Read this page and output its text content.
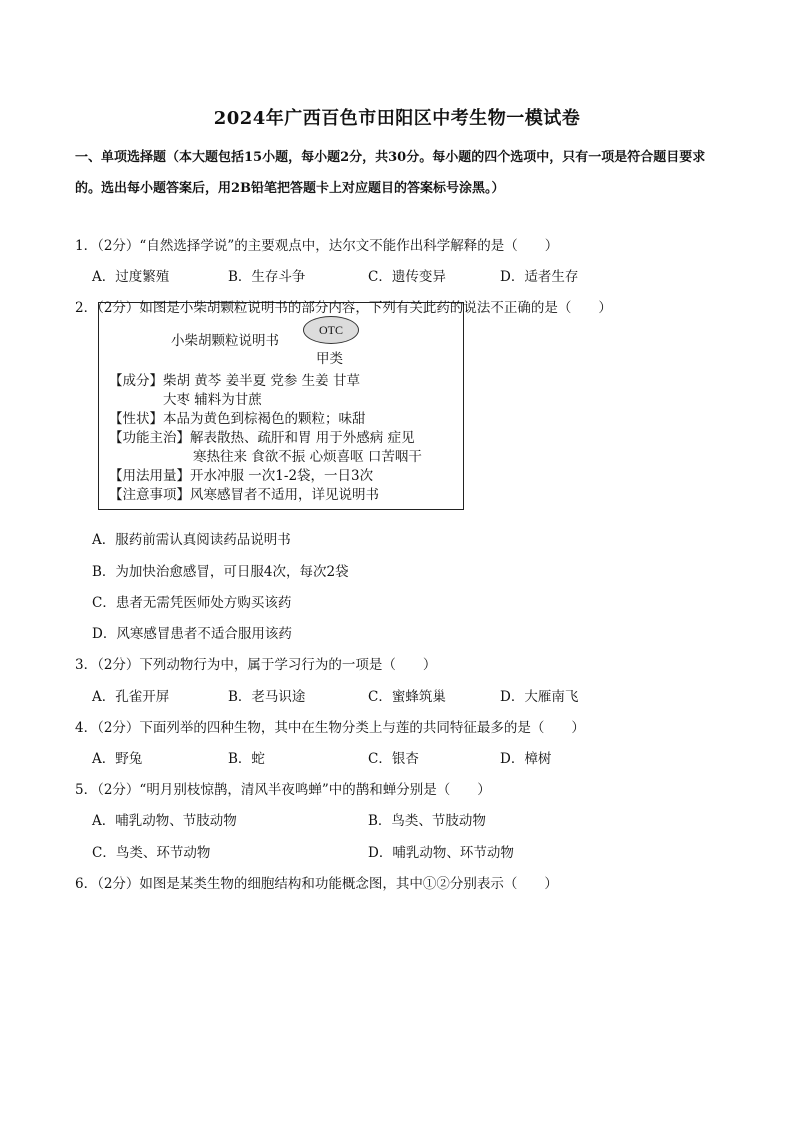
2024年广西百色市田阳区中考生物一模试卷
一、单项选择题（本大题包括15小题，每小题2分，共30分。每小题的四个选项中，只有一项是符合题目要求的。选出每小题答案后，用2B铅笔把答题卡上对应题目的答案标号涂黑。）
1．（2分）“自然选择学说”的主要观点中，达尔文不能作出科学解释的是（　　）
A．过度繁殖	B．生存斗争	C．遗传变异	D．适者生存
2．（2分）如图是小柴胡颗粒说明书的部分内容，下列有关此药的说法不正确的是（　　）
小柴胡颗粒说明书
OTC
甲类
【成分】柴胡 黄芩 姜半夏 党参 生姜 甘草
大枣 辅料为甘蔗
【性状】本品为黄色到棕褐色的颗粒；味甜
【功能主治】解表散热、疏肝和胃 用于外感病 症见
寒热往来 食欲不振 心烦喜呕 口苦咽干
【用法用量】开水冲服 一次1-2袋，一日3次
【注意事项】风寒感冒者不适用，详见说明书
A．服药前需认真阅读药品说明书
B．为加快治愈感冒，可日服4次，每次2袋
C．患者无需凭医师处方购买该药
D．风寒感冒患者不适合服用该药
3．（2分）下列动物行为中，属于学习行为的一项是（　　）
A．孔雀开屏	B．老马识途	C．蜜蜂筑巢	D．大雁南飞
4．（2分）下面列举的四种生物，其中在生物分类上与莲的共同特征最多的是（　　）
A．野兔	B．蛇	C．银杏	D．樟树
5．（2分）“明月别枝惊鹊，清风半夜鸣蝉”中的鹊和蝉分别是（　　）
A．哺乳动物、节肢动物	B．鸟类、节肢动物
C．鸟类、环节动物	D．哺乳动物、环节动物
6．（2分）如图是某类生物的细胞结构和功能概念图，其中①②分别表示（　　）
